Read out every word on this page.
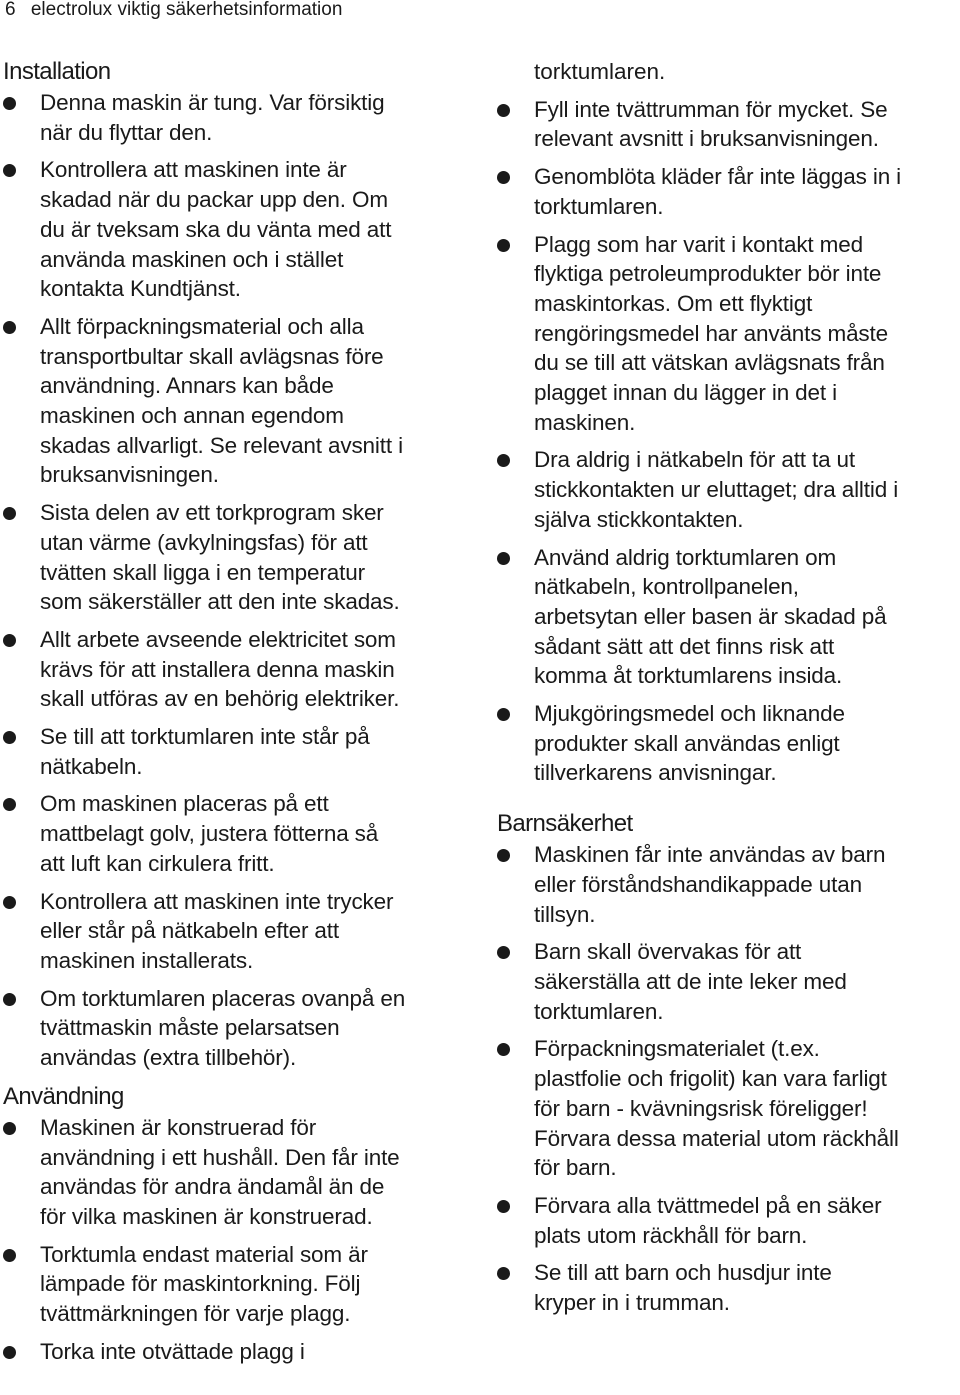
6 electrolux viktig säkerhetsinformation
Installation
Denna maskin är tung. Var försiktig
när du flyttar den.
Kontrollera att maskinen inte är
skadad när du packar upp den. Om
du är tveksam ska du vänta med att
använda maskinen och i stället
kontakta Kundtjänst.
Allt förpackningsmaterial och alla
transportbultar skall avlägsnas före
användning. Annars kan både
maskinen och annan egendom
skadas allvarligt. Se relevant avsnitt i
bruksanvisningen.
Sista delen av ett torkprogram sker
utan värme (avkylningsfas) för att
tvätten skall ligga i en temperatur
som säkerställer att den inte skadas.
Allt arbete avseende elektricitet som
krävs för att installera denna maskin
skall utföras av en behörig elektriker.
Se till att torktumlaren inte står på
nätkabeln.
Om maskinen placeras på ett
mattbelagt golv, justera fötterna så
att luft kan cirkulera fritt.
Kontrollera att maskinen inte trycker
eller står på nätkabeln efter att
maskinen installerats.
Om torktumlaren placeras ovanpå en
tvättmaskin måste pelarsatsen
användas (extra tillbehör).
Användning
Maskinen är konstruerad för
användning i ett hushåll. Den får inte
användas för andra ändamål än de
för vilka maskinen är konstruerad.
Torktumla endast material som är
lämpade för maskintorkning. Följ
tvättmärkningen för varje plagg.
Torka inte otvättade plagg i
torktumlaren.
Fyll inte tvättrumman för mycket. Se
relevant avsnitt i bruksanvisningen.
Genomblöta kläder får inte läggas in i
torktumlaren.
Plagg som har varit i kontakt med
flyktiga petroleumprodukter bör inte
maskintorkas. Om ett flyktigt
rengöringsmedel har använts måste
du se till att vätskan avlägsnats från
plagget innan du lägger in det i
maskinen.
Dra aldrig i nätkabeln för att ta ut
stickkontakten ur eluttaget; dra alltid i
själva stickkontakten.
Använd aldrig torktumlaren om
nätkabeln, kontrollpanelen,
arbetsytan eller basen är skadad på
sådant sätt att det finns risk att
komma åt torktumlarens insida.
Mjukgöringsmedel och liknande
produkter skall användas enligt
tillverkarens anvisningar.
Barnsäkerhet
Maskinen får inte användas av barn
eller förståndshandikappade utan
tillsyn.
Barn skall övervakas för att
säkerställa att de inte leker med
torktumlaren.
Förpackningsmaterialet (t.ex.
plastfolie och frigolit) kan vara farligt
för barn - kvävningsrisk föreligger!
Förvara dessa material utom räckhåll
för barn.
Förvara alla tvättmedel på en säker
plats utom räckhåll för barn.
Se till att barn och husdjur inte
kryper in i trumman.
